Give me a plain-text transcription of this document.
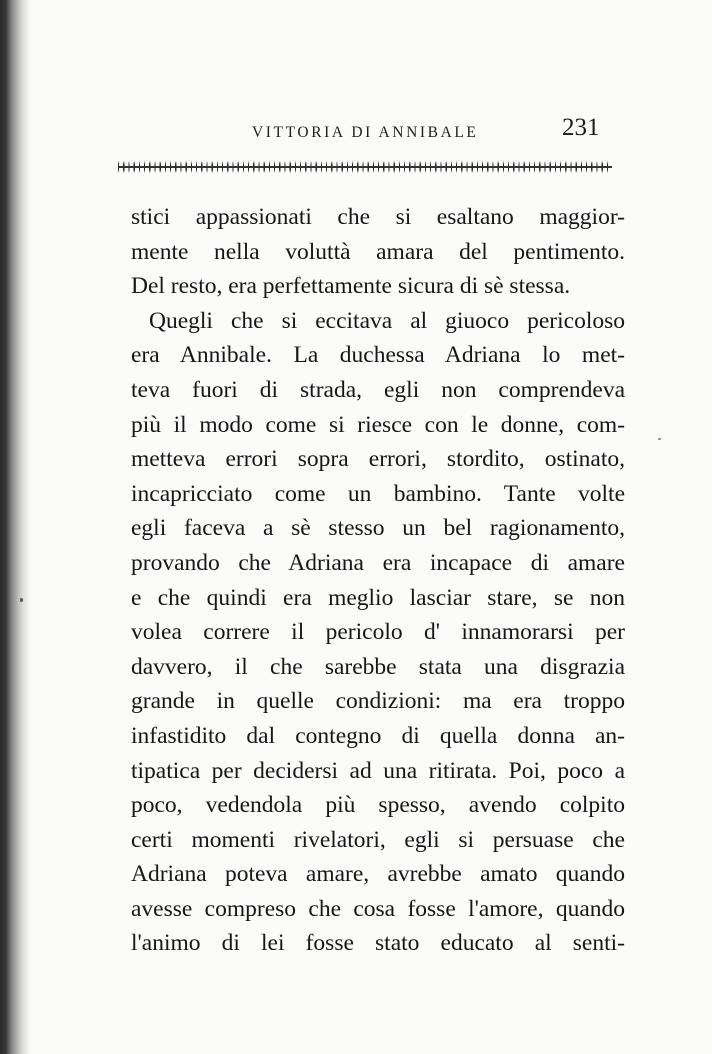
VITTORIA DI ANNIBALE	231
stici appassionati che si esaltano maggior-
mente nella voluttà amara del pentimento.
Del resto, era perfettamente sicura di sè stessa.
Quegli che si eccitava al giuoco pericoloso
era Annibale. La duchessa Adriana lo met-
teva fuori di strada, egli non comprendeva
più il modo come si riesce con le donne, com-
metteva errori sopra errori, stordito, ostinato,
incapricciato come un bambino. Tante volte
egli faceva a sè stesso un bel ragionamento,
provando che Adriana era incapace di amare
e che quindi era meglio lasciar stare, se non
volea correre il pericolo d' innamorarsi per
davvero, il che sarebbe stata una disgrazia
grande in quelle condizioni: ma era troppo
infastidito dal contegno di quella donna an-
tipatica per decidersi ad una ritirata. Poi, poco a
poco, vedendola più spesso, avendo colpito
certi momenti rivelatori, egli si persuase che
Adriana poteva amare, avrebbe amato quando
avesse compreso che cosa fosse l'amore, quando
l'animo di lei fosse stato educato al senti-
